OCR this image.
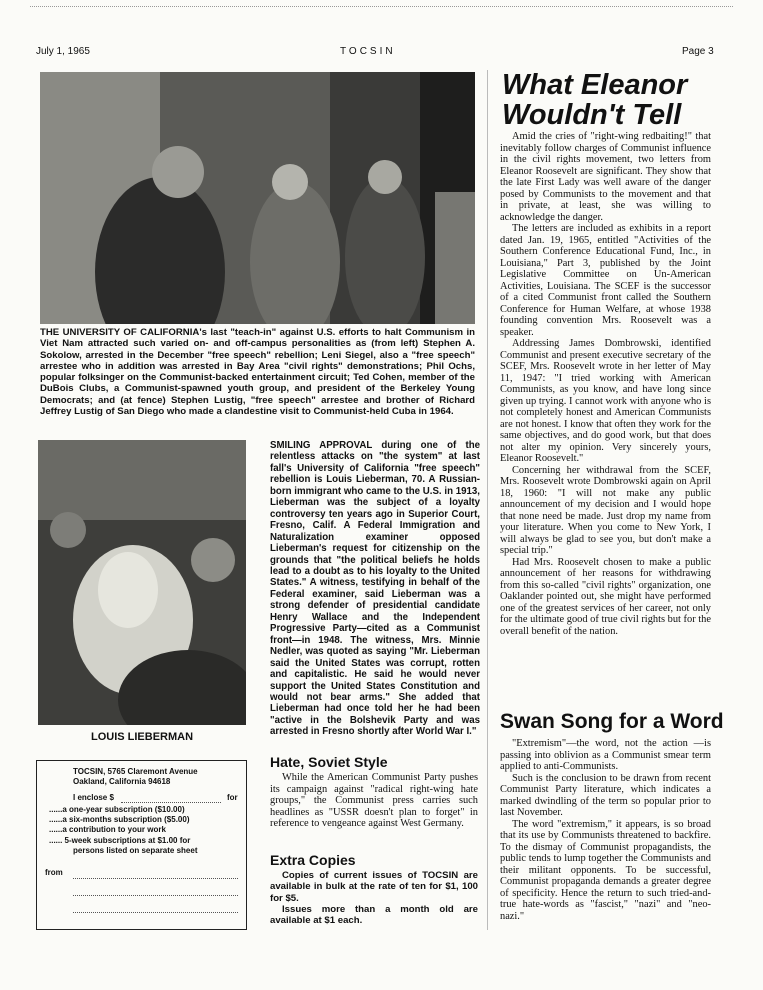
July 1, 1965	TOCSIN	Page 3
THE UNIVERSITY OF CALIFORNIA's last "teach-in" against U.S. efforts to halt Communism in Viet Nam attracted such varied on- and off-campus personalities as (from left) Stephen A. Sokolow, arrested in the December "free speech" rebellion; Leni Siegel, also a "free speech" arrestee who in addition was arrested in Bay Area "civil rights" demonstrations; Phil Ochs, popular folksinger on the Communist-backed entertainment circuit; Ted Cohen, member of the DuBois Clubs, a Communist-spawned youth group, and president of the Berkeley Young Democrats; and (at fence) Stephen Lustig, "free speech" arrestee and brother of Richard Jeffrey Lustig of San Diego who made a clandestine visit to Communist-held Cuba in 1964.
LOUIS LIEBERMAN
SMILING APPROVAL during one of the relentless attacks on "the system" at last fall's University of California "free speech" rebellion is Louis Lieberman, 70. A Russian-born immigrant who came to the U.S. in 1913, Lieberman was the subject of a loyalty controversy ten years ago in Superior Court, Fresno, Calif. A Federal Immigration and Naturalization examiner opposed Lieberman's request for citizenship on the grounds that "the political beliefs he holds lead to a doubt as to his loyalty to the United States." A witness, testifying in behalf of the Federal examiner, said Lieberman was a strong defender of presidential candidate Henry Wallace and the Independent Progressive Party—cited as a Communist front—in 1948. The witness, Mrs. Minnie Nedler, was quoted as saying "Mr. Lieberman said the United States was corrupt, rotten and capitalistic. He said he would never support the United States Constitution and would not bear arms." She added that Lieberman had once told her he had been "active in the Bolshevik Party and was arrested in Fresno shortly after World War I."
TOCSIN, 5765 Claremont Avenue
Oakland, California 94618
I enclose $	for
......a one-year subscription ($10.00)
......a six-months subscription ($5.00)
......a contribution to your work
...... 5-week subscriptions at $1.00 for
persons listed on separate sheet
from
Hate, Soviet Style

While the American Communist Party pushes its campaign against "radical right-wing hate groups," the Communist press carries such headlines as "USSR doesn't plan to forget" in reference to vengeance against West Germany.

Extra Copies

Copies of current issues of TOCSIN are available in bulk at the rate of ten for $1, 100 for $5.

Issues more than a month old are available at $1 each.

What Eleanor
Wouldn't Tell

Amid the cries of "right-wing redbaiting!" that inevitably follow charges of Communist influence in the civil rights movement, two letters from Eleanor Roosevelt are significant. They show that the late First Lady was well aware of the danger posed by Communists to the movement and that in private, at least, she was willing to acknowledge the danger.

The letters are included as exhibits in a report dated Jan. 19, 1965, entitled "Activities of the Southern Conference Educational Fund, Inc., in Louisiana," Part 3, published by the Joint Legislative Committee on Un-American Activities, Louisiana. The SCEF is the successor of a cited Communist front called the Southern Conference for Human Welfare, at whose 1938 founding convention Mrs. Roosevelt was a speaker.

Addressing James Dombrowski, identified Communist and present executive secretary of the SCEF, Mrs. Roosevelt wrote in her letter of May 11, 1947: "I tried working with American Communists, as you know, and have long since given up trying. I cannot work with anyone who is not completely honest and American Communists are not honest. I know that often they work for the same objectives, and do good work, but that does not alter my opinion. Very sincerely yours, Eleanor Roosevelt."

Concerning her withdrawal from the SCEF, Mrs. Roosevelt wrote Dombrowski again on April 18, 1960: "I will not make any public announcement of my decision and I would hope that none need be made. Just drop my name from your literature. When you come to New York, I will always be glad to see you, but don't make a special trip."

Had Mrs. Roosevelt chosen to make a public announcement of her reasons for withdrawing from this so-called "civil rights" organization, one Oaklander pointed out, she might have performed one of the greatest services of her career, not only for the ultimate good of true civil rights but for the overall benefit of the nation.

Swan Song for a Word

"Extremism"—the word, not the action —is passing into oblivion as a Communist smear term applied to anti-Communists.

Such is the conclusion to be drawn from recent Communist Party literature, which indicates a marked dwindling of the term so popular prior to last November.

The word "extremism," it appears, is so broad that its use by Communists threatened to backfire. To the dismay of Communist propagandists, the public tends to lump together the Communists and their militant opponents. To be successful, Communist propaganda demands a greater degree of specificity. Hence the return to such tried-and-true hate-words as "fascist," "nazi" and "neo-nazi."
